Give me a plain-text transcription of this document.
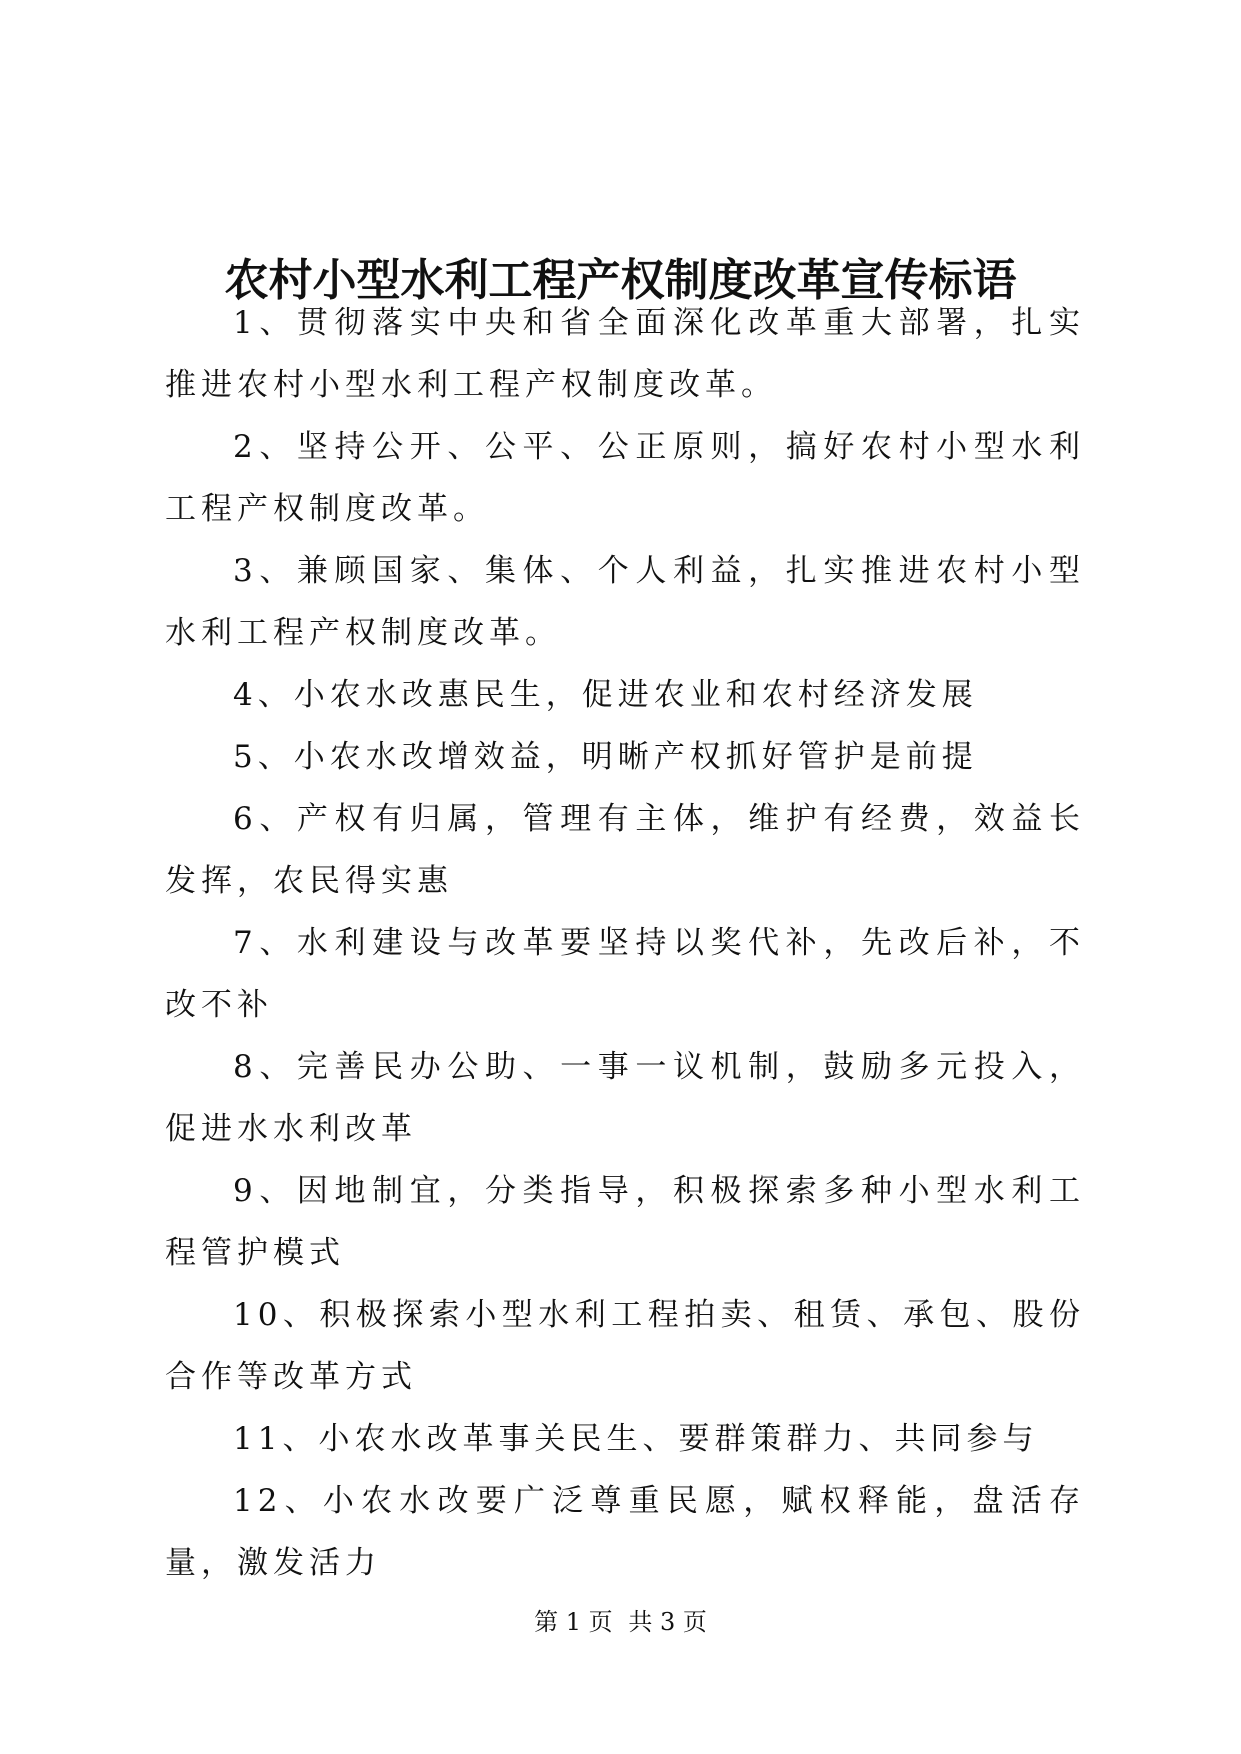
农村小型水利工程产权制度改革宣传标语

1、贯彻落实中央和省全面深化改革重大部署，扎实推进农村小型水利工程产权制度改革。

2、坚持公开、公平、公正原则，搞好农村小型水利工程产权制度改革。

3、兼顾国家、集体、个人利益，扎实推进农村小型水利工程产权制度改革。

4、小农水改惠民生，促进农业和农村经济发展

5、小农水改增效益，明晰产权抓好管护是前提

6、产权有归属，管理有主体，维护有经费，效益长发挥，农民得实惠

7、水利建设与改革要坚持以奖代补，先改后补，不改不补

8、完善民办公助、一事一议机制，鼓励多元投入，促进水水利改革

9、因地制宜，分类指导，积极探索多种小型水利工程管护模式

10、积极探索小型水利工程拍卖、租赁、承包、股份合作等改革方式

11、小农水改革事关民生、要群策群力、共同参与

12、小农水改要广泛尊重民愿，赋权释能，盘活存量，激发活力

第 1 页 共 3 页
